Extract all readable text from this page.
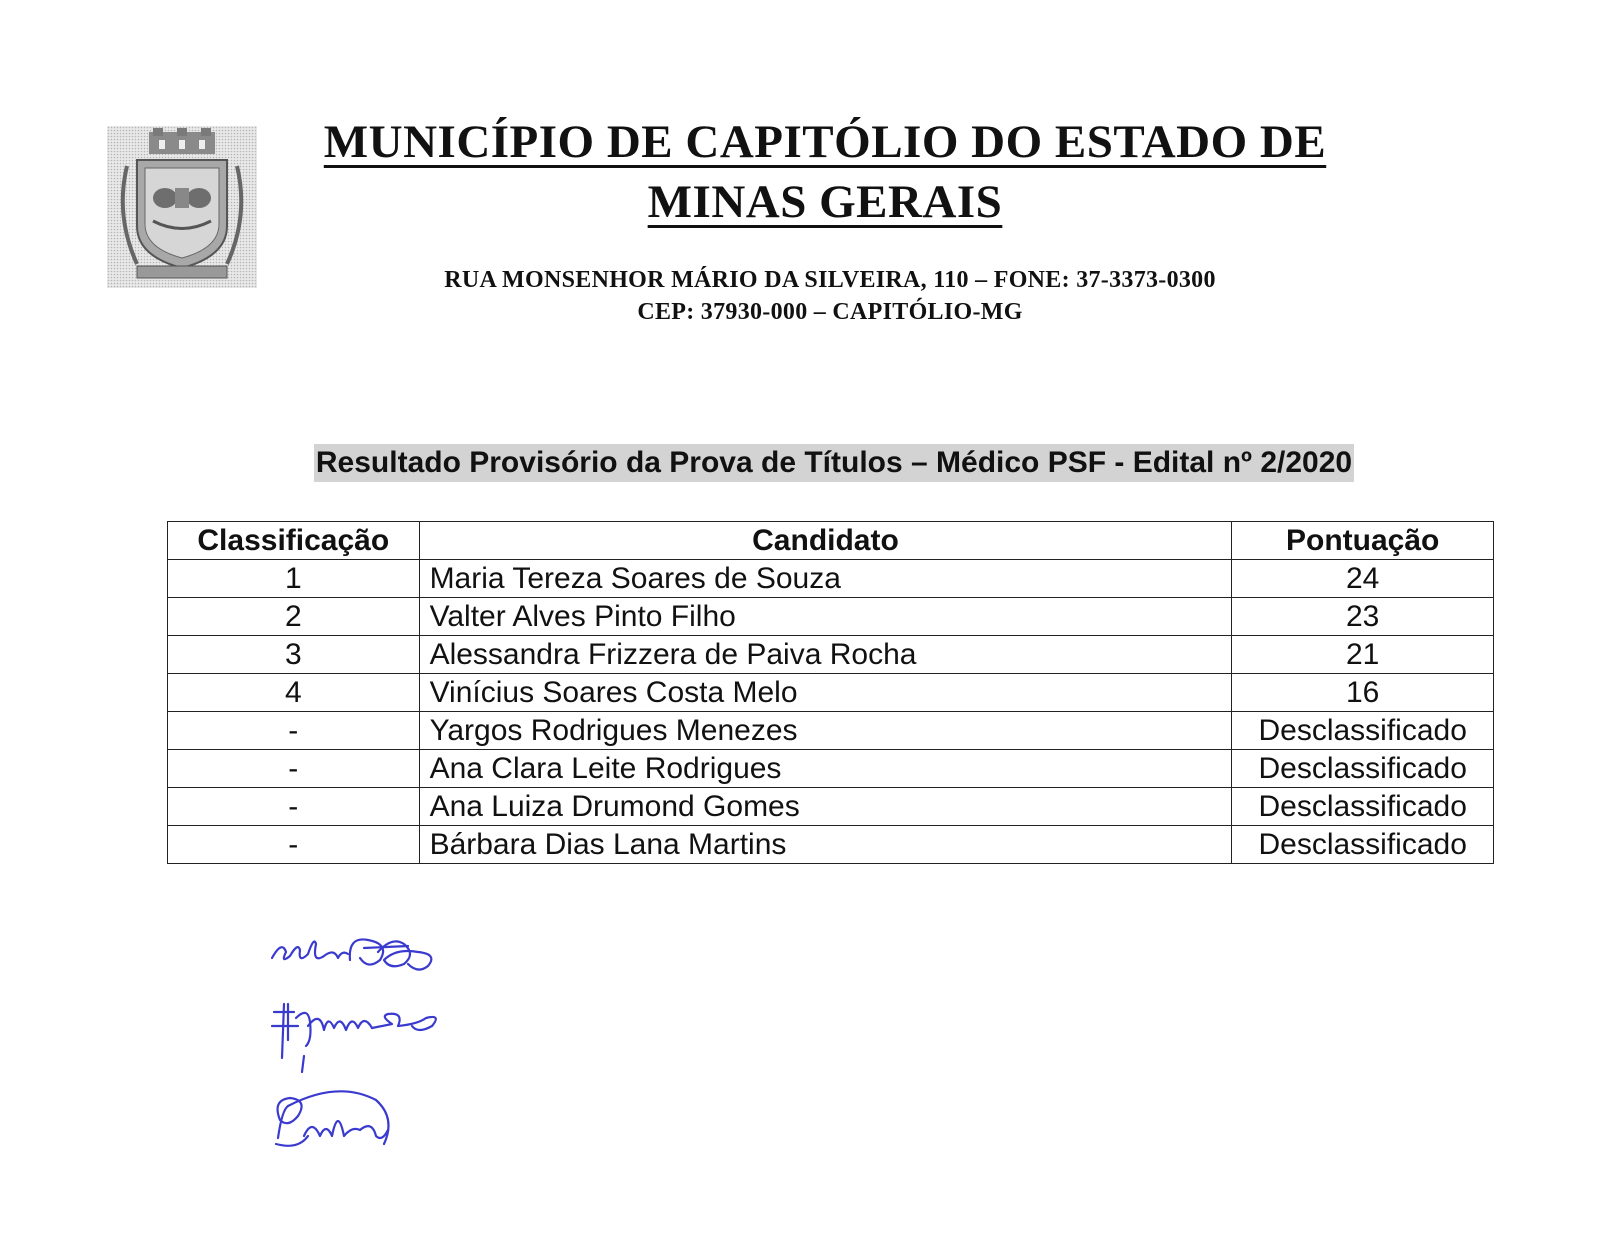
MUNICÍPIO DE CAPITÓLIO DO ESTADO DE
MINAS GERAIS
RUA MONSENHOR MÁRIO DA SILVEIRA, 110 – FONE: 37-3373-0300
CEP: 37930-000 – CAPITÓLIO-MG
Resultado Provisório da Prova de Títulos – Médico PSF - Edital nº 2/2020
Classificação	Candidato	Pontuação
1	Maria Tereza Soares de Souza	24
2	Valter Alves Pinto Filho	23
3	Alessandra Frizzera de Paiva Rocha	21
4	Vinícius Soares Costa Melo	16
-	Yargos Rodrigues Menezes	Desclassificado
-	Ana Clara Leite Rodrigues	Desclassificado
-	Ana Luiza Drumond Gomes	Desclassificado
-	Bárbara Dias Lana Martins	Desclassificado
